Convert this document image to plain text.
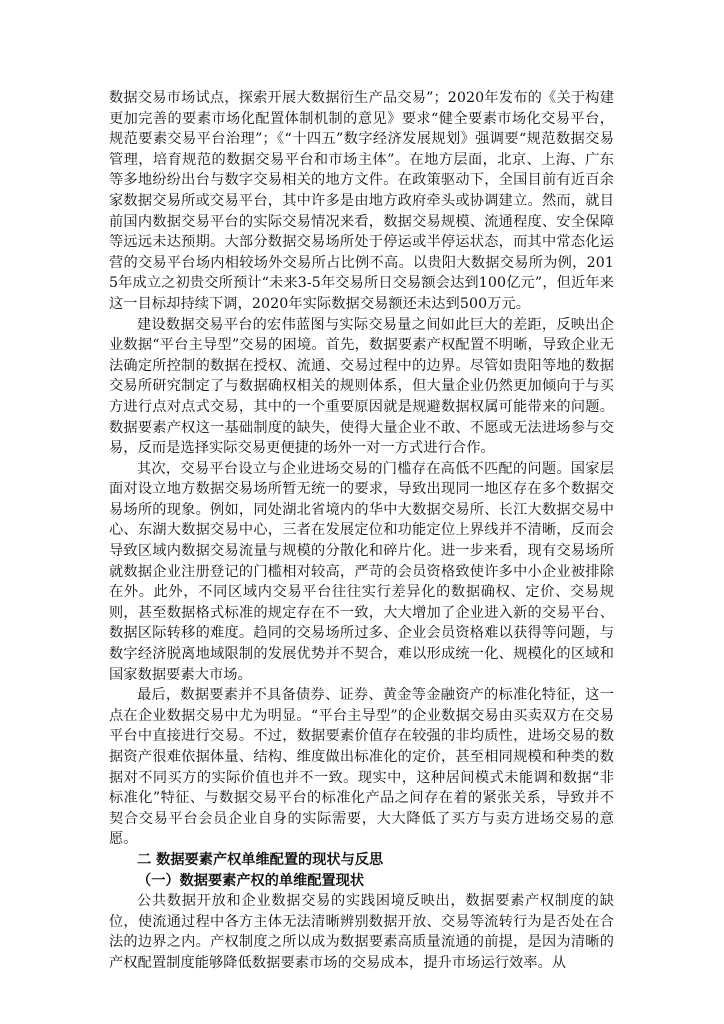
数据交易市场试点，探索开展大数据衍生产品交易”；2020年发布的《关于构建更加完善的要素市场化配置体制机制的意见》要求“健全要素市场化交易平台，规范要素交易平台治理”；《“十四五”数字经济发展规划》强调要“规范数据交易管理，培育规范的数据交易平台和市场主体”。在地方层面，北京、上海、广东等多地纷纷出台与数字交易相关的地方文件。在政策驱动下，全国目前有近百余家数据交易所或交易平台，其中许多是由地方政府牵头或协调建立。然而，就目前国内数据交易平台的实际交易情况来看，数据交易规模、流通程度、安全保障等远远未达预期。大部分数据交易场所处于停运或半停运状态，而其中常态化运营的交易平台场内相较场外交易所占比例不高。以贵阳大数据交易所为例，2015年成立之初贵交所预计“未来3-5年交易所日交易额会达到100亿元”，但近年来这一目标却持续下调，2020年实际数据交易额还未达到500万元。

建设数据交易平台的宏伟蓝图与实际交易量之间如此巨大的差距，反映出企业数据“平台主导型”交易的困境。首先，数据要素产权配置不明晰，导致企业无法确定所控制的数据在授权、流通、交易过程中的边界。尽管如贵阳等地的数据交易所研究制定了与数据确权相关的规则体系，但大量企业仍然更加倾向于与买方进行点对点式交易，其中的一个重要原因就是规避数据权属可能带来的问题。数据要素产权这一基础制度的缺失，使得大量企业不敢、不愿或无法进场参与交易，反而是选择实际交易更便捷的场外一对一方式进行合作。

其次，交易平台设立与企业进场交易的门槛存在高低不匹配的问题。国家层面对设立地方数据交易场所暂无统一的要求，导致出现同一地区存在多个数据交易场所的现象。例如，同处湖北省境内的华中大数据交易所、长江大数据交易中心、东湖大数据交易中心，三者在发展定位和功能定位上界线并不清晰，反而会导致区域内数据交易流量与规模的分散化和碎片化。进一步来看，现有交易场所就数据企业注册登记的门槛相对较高，严苛的会员资格致使许多中小企业被排除在外。此外，不同区域内交易平台往往实行差异化的数据确权、定价、交易规则，甚至数据格式标准的规定存在不一致，大大增加了企业进入新的交易平台、数据区际转移的难度。趋同的交易场所过多、企业会员资格难以获得等问题，与数字经济脱离地域限制的发展优势并不契合，难以形成统一化、规模化的区域和国家数据要素大市场。

最后，数据要素并不具备债券、证券、黄金等金融资产的标准化特征，这一点在企业数据交易中尤为明显。“平台主导型”的企业数据交易由买卖双方在交易平台中直接进行交易。不过，数据要素价值存在较强的非均质性，进场交易的数据资产很难依据体量、结构、维度做出标准化的定价，甚至相同规模和种类的数据对不同买方的实际价值也并不一致。现实中，这种居间模式未能调和数据“非标准化”特征、与数据交易平台的标准化产品之间存在着的紧张关系，导致并不契合交易平台会员企业自身的实际需要，大大降低了买方与卖方进场交易的意愿。

二 数据要素产权单维配置的现状与反思
（一）数据要素产权的单维配置现状

公共数据开放和企业数据交易的实践困境反映出，数据要素产权制度的缺位，使流通过程中各方主体无法清晰辨别数据开放、交易等流转行为是否处在合法的边界之内。产权制度之所以成为数据要素高质量流通的前提，是因为清晰的产权配置制度能够降低数据要素市场的交易成本，提升市场运行效率。从
